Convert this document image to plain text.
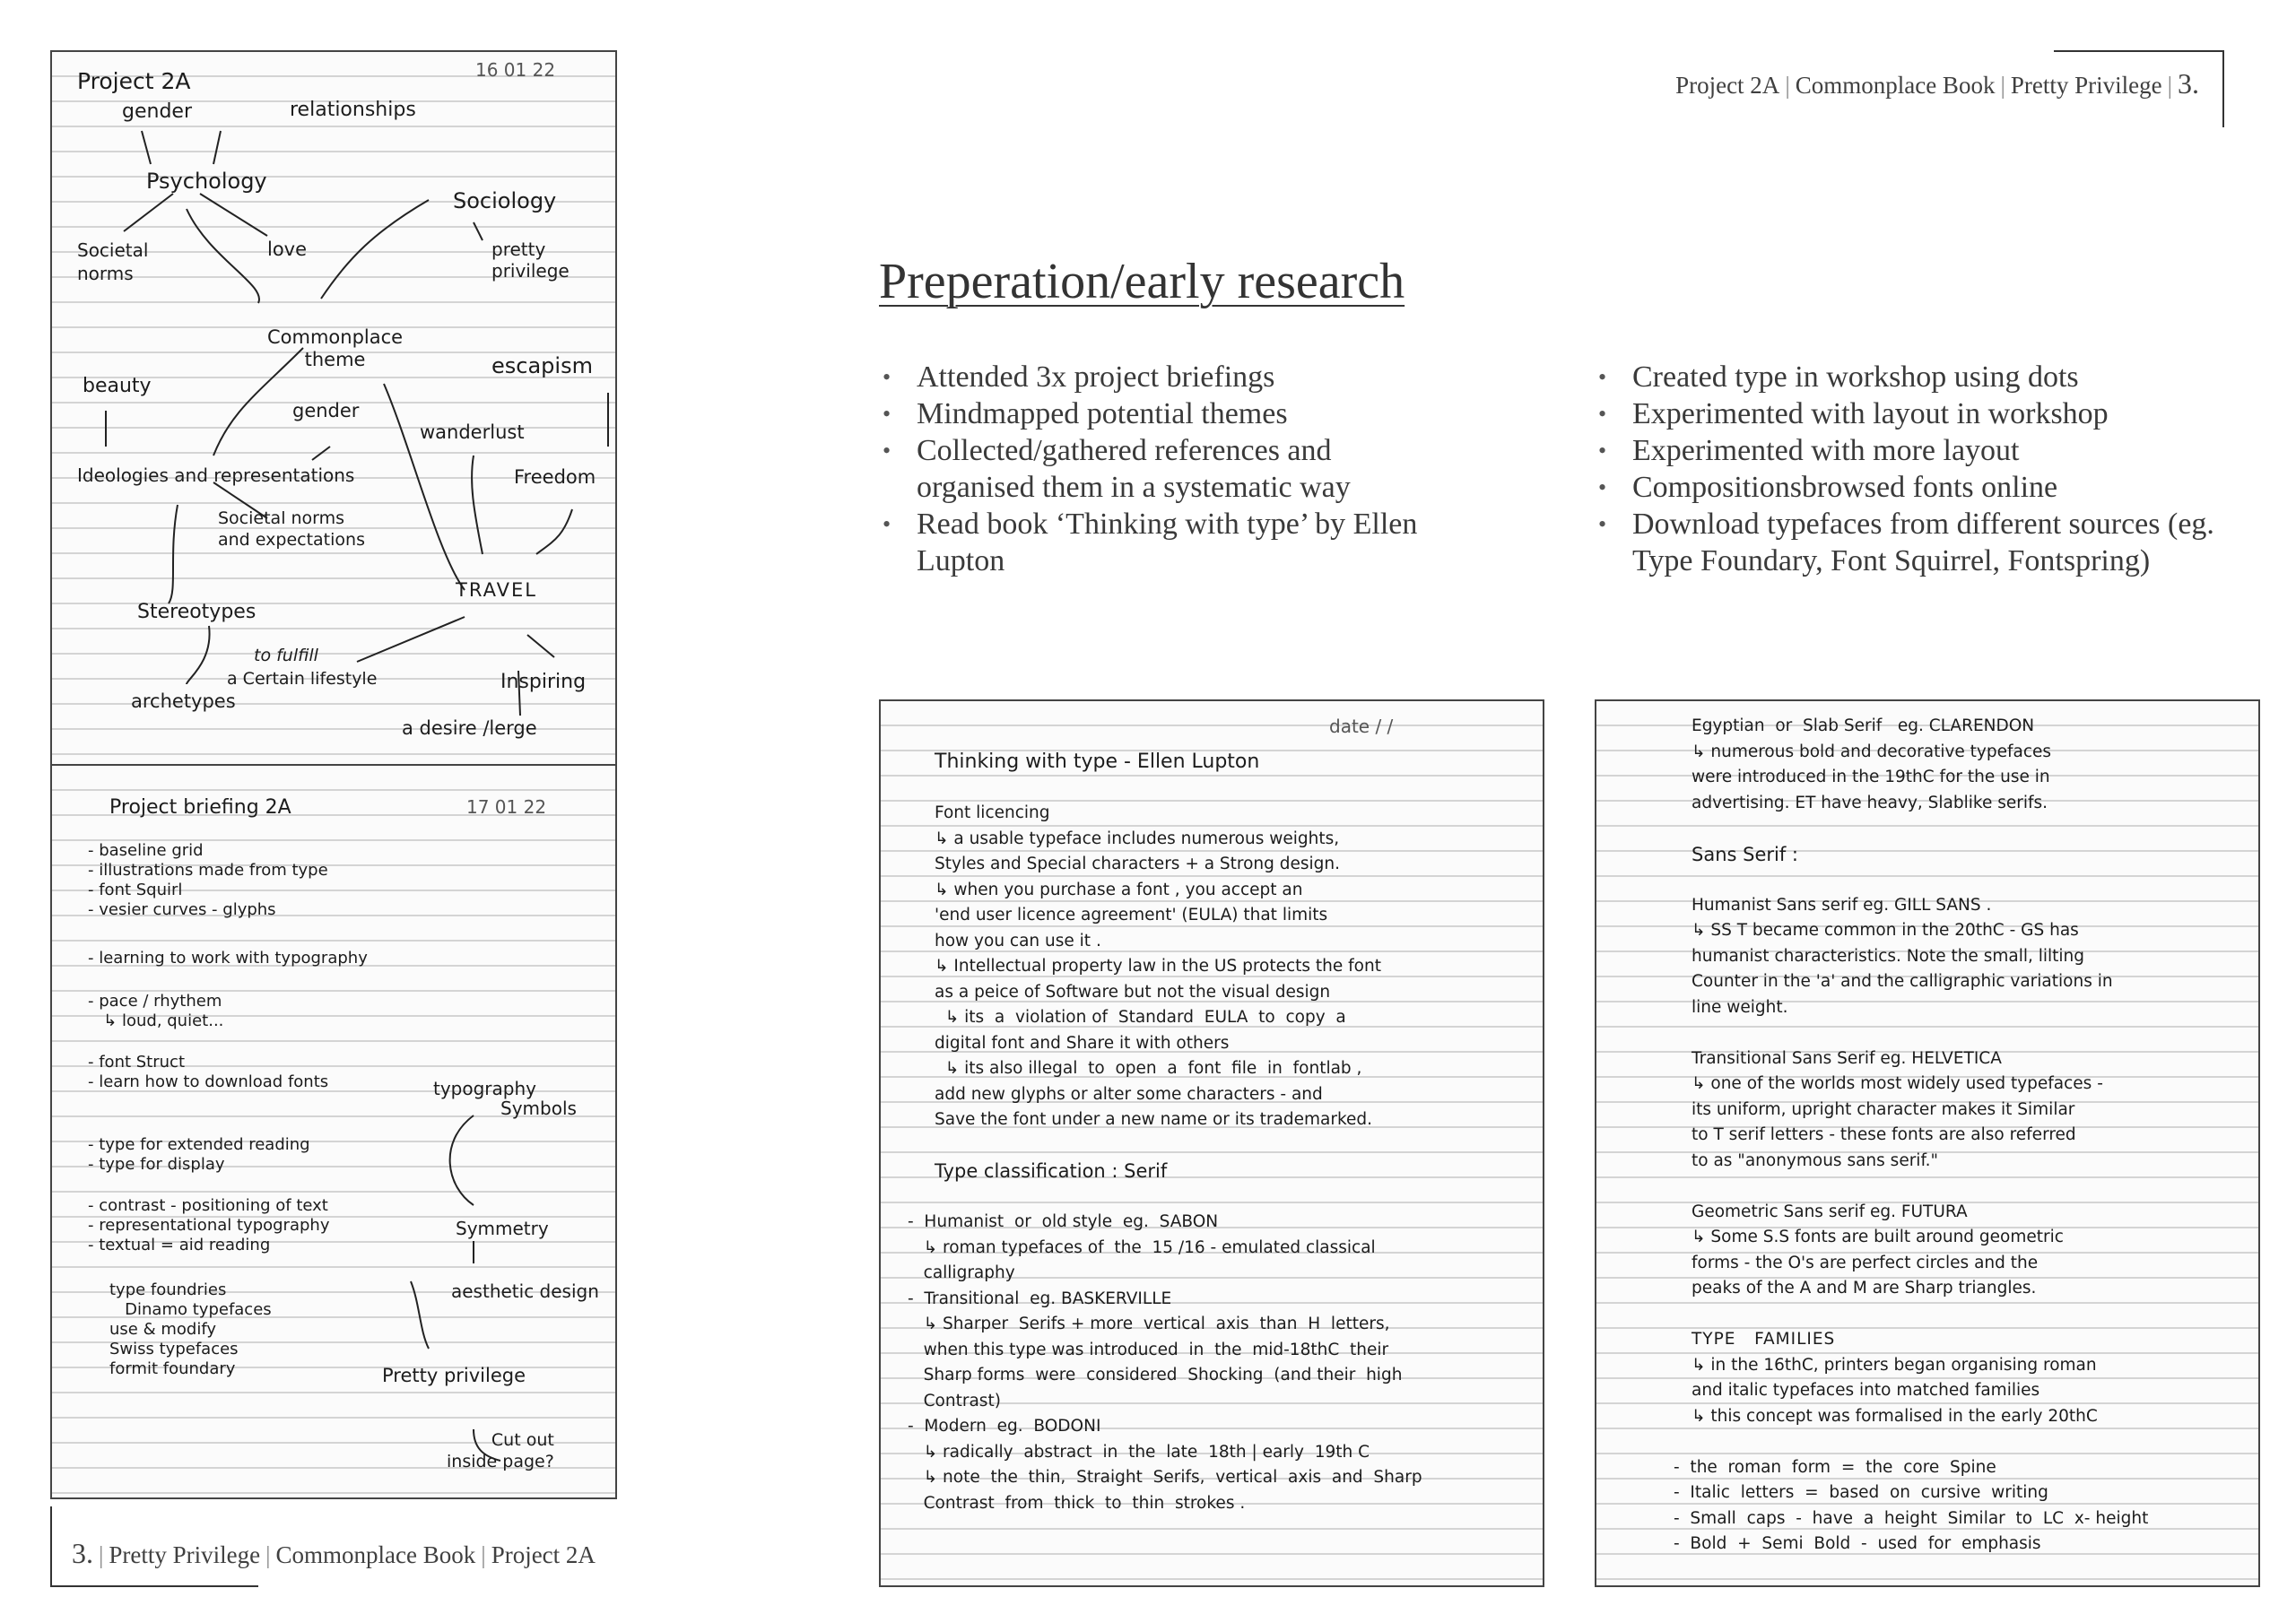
Project 2A | Commonplace Book | Pretty Privilege | 3.
3. | Pretty Privilege | Commonplace Book | Project 2A
Preperation/early research
• Attended 3x project briefings
• Mindmapped potential themes
• Collected/gathered references and organised them in a systematic way
• Read book ‘Thinking with type’ by Ellen Lupton
• Created type in workshop using dots
• Experimented with layout in workshop
• Experimented with more layout
• Compositionsbrowsed fonts online
• Download typefaces from different sources (eg. Type Foundary, Font Squirrel, Fontspring)
16 01 22
Project 2A
gender	relationships
Psychology
Sociology
Societal
norms
love	pretty
privilege
Commonplace
theme	escapism
beauty
gender
wanderlust
Ideologies and representations	Freedom
Societal norms
and expectations
TRAVEL
Stereotypes
to fulfill
a Certain lifestyle	Inspiring
archetypes
a desire /lerge
17 01 22
Project briefing 2A
- baseline grid
- illustrations made from type
- font Squirl
- vesier curves - glyphs
- learning to work with typography
- pace / rhythem
↳ loud, quiet...
- font Struct
- learn how to download fonts
- type for extended reading
- type for display
- contrast - positioning of text
- representational typography
- textual = aid reading
type foundries
Dinamo typefaces
use & modify
Swiss typefaces
formit foundary
typography
Symbols
Symmetry
aesthetic design
Pretty privilege
Cut out
inside page?
date / /
Thinking with type - Ellen Lupton
Font licencing
↳ a usable typeface includes numerous weights,
Styles and Special characters + a Strong design.
↳ when you purchase a font , you accept an
'end user licence agreement' (EULA) that limits
how you can use it .
↳ Intellectual property law in the US protects the font
as a peice of Software but not the visual design
↳ its  a  violation of  Standard  EULA  to  copy  a
digital font and Share it with others
↳ its also illegal  to  open  a  font  file  in  fontlab ,
add new glyphs or alter some characters - and
Save the font under a new name or its trademarked.
Type classification : Serif
-  Humanist  or  old style  eg.  SABON
↳ roman typefaces of  the  15 /16 - emulated classical
calligraphy
-  Transitional  eg. BASKERVILLE
↳ Sharper  Serifs + more  vertical  axis  than  H  letters,
when this type was introduced  in  the  mid-18thC  their
Sharp forms  were  considered  Shocking  (and their  high
Contrast)
-  Modern  eg.  BODONI
↳ radically  abstract  in  the  late  18th | early  19th C
↳ note  the  thin,  Straight  Serifs,  vertical  axis  and  Sharp
Contrast  from  thick  to  thin  strokes .
Egyptian  or  Slab Serif   eg. CLARENDON
↳ numerous bold and decorative typefaces
were introduced in the 19thC for the use in
advertising. ET have heavy, Slablike serifs.
Sans Serif :
Humanist Sans serif eg. GILL SANS .
↳ SS T became common in the 20thC - GS has
humanist characteristics. Note the small, lilting
Counter in the 'a' and the calligraphic variations in
line weight.
Transitional Sans Serif eg. HELVETICA
↳ one of the worlds most widely used typefaces -
its uniform, upright character makes it Similar
to T serif letters - these fonts are also referred
to as "anonymous sans serif."
Geometric Sans serif eg. FUTURA
↳ Some S.S fonts are built around geometric
forms - the O's are perfect circles and the
peaks of the A and M are Sharp triangles.
TYPE   FAMILIES
↳ in the 16thC, printers began organising roman
and italic typefaces into matched families
↳ this concept was formalised in the early 20thC
-  the  roman  form  =  the  core  Spine
-  Italic  letters  =  based  on  cursive  writing
-  Small  caps  -  have  a  height  Similar  to  LC  x- height
-  Bold  +  Semi  Bold  -  used  for  emphasis
